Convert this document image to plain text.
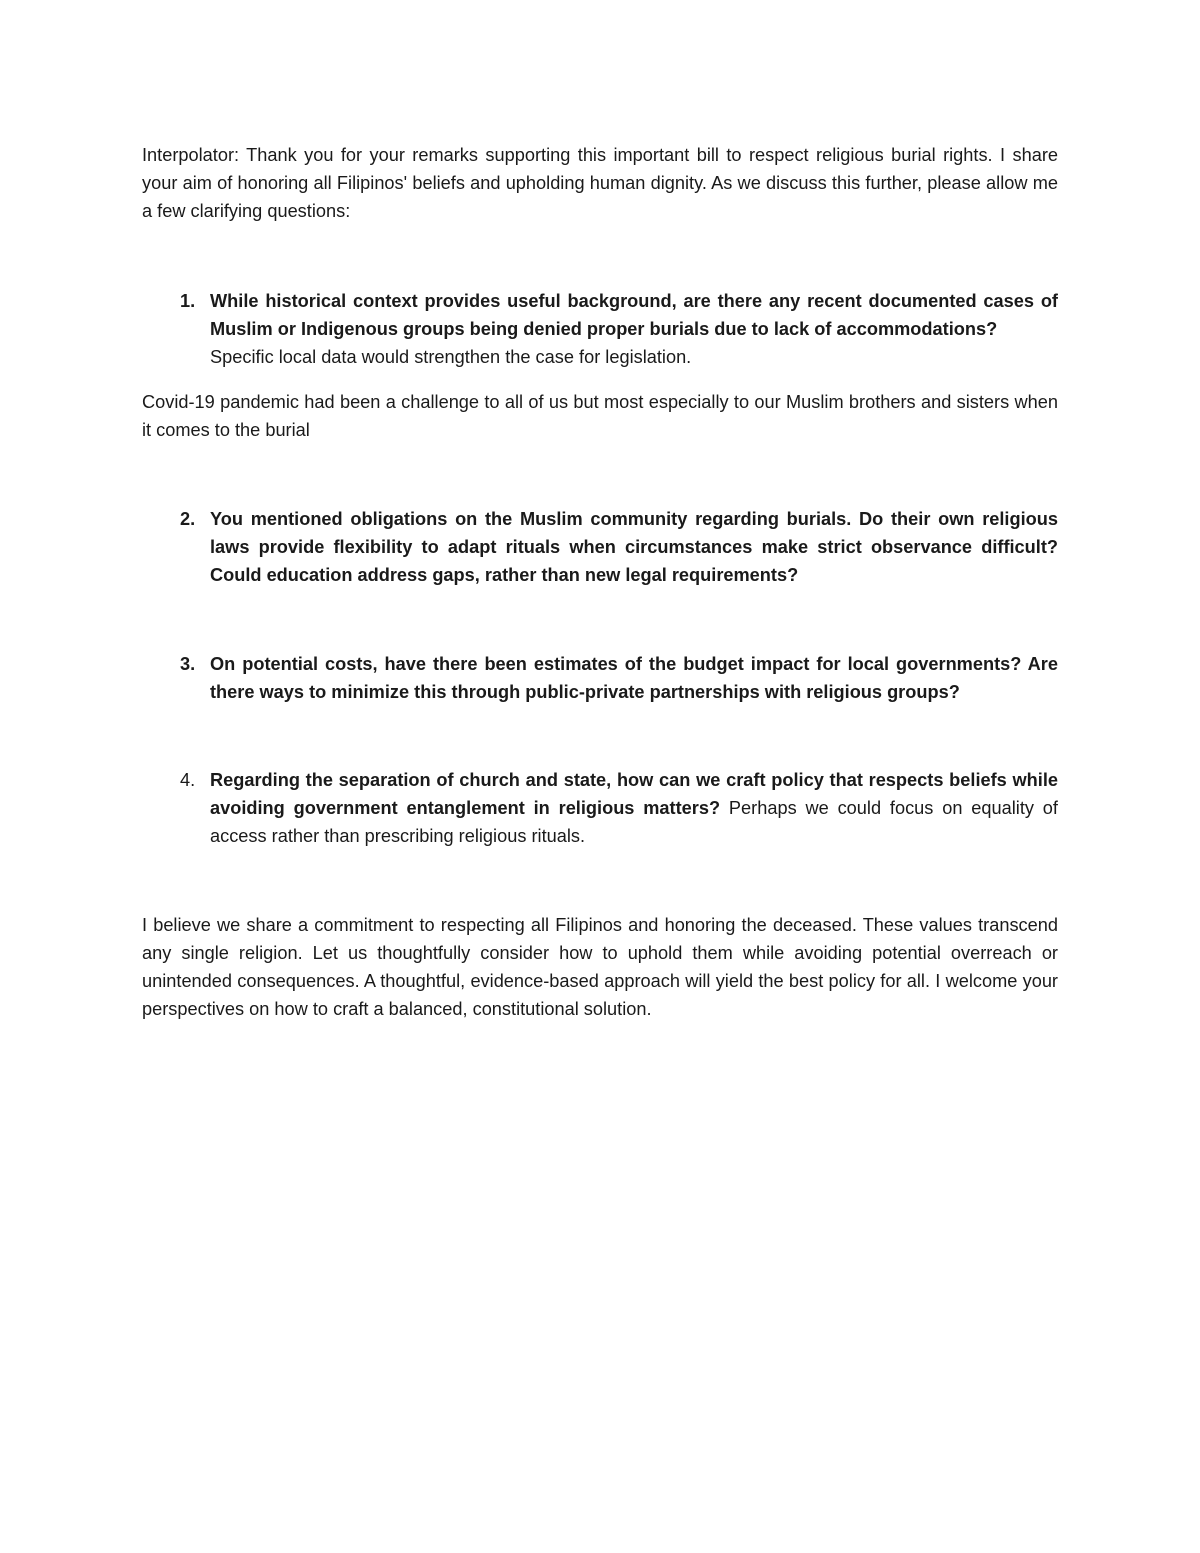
Interpolator: Thank you for your remarks supporting this important bill to respect religious burial rights. I share your aim of honoring all Filipinos' beliefs and upholding human dignity. As we discuss this further, please allow me a few clarifying questions:

1. While historical context provides useful background, are there any recent documented cases of Muslim or Indigenous groups being denied proper burials due to lack of accommodations?
Specific local data would strengthen the case for legislation.

Covid-19 pandemic had been a challenge to all of us but most especially to our Muslim brothers and sisters when it comes to the burial

2. You mentioned obligations on the Muslim community regarding burials. Do their own religious laws provide flexibility to adapt rituals when circumstances make strict observance difficult? Could education address gaps, rather than new legal requirements?
3. On potential costs, have there been estimates of the budget impact for local governments? Are there ways to minimize this through public-private partnerships with religious groups?
4. Regarding the separation of church and state, how can we craft policy that respects beliefs while avoiding government entanglement in religious matters? Perhaps we could focus on equality of access rather than prescribing religious rituals.

I believe we share a commitment to respecting all Filipinos and honoring the deceased. These values transcend any single religion. Let us thoughtfully consider how to uphold them while avoiding potential overreach or unintended consequences. A thoughtful, evidence-based approach will yield the best policy for all. I welcome your perspectives on how to craft a balanced, constitutional solution.
